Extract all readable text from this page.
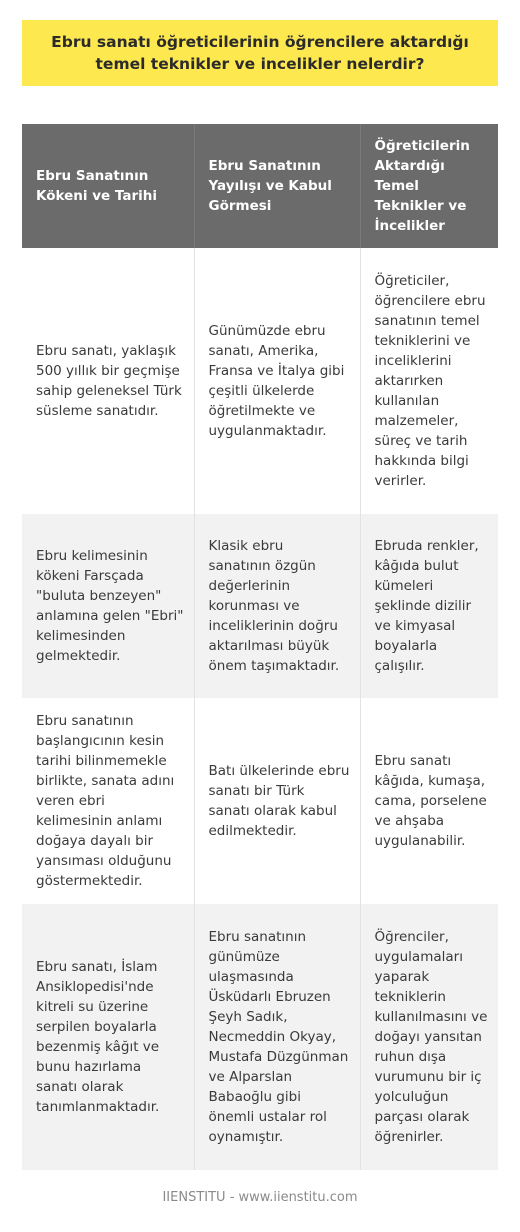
Ebru sanatı öğreticilerinin öğrencilere aktardığı temel teknikler ve incelikler nelerdir?
Ebru Sanatının Kökeni ve Tarihi	Ebru Sanatının Yayılışı ve Kabul Görmesi	Öğreticilerin Aktardığı Temel Teknikler ve İncelikler
Ebru sanatı, yaklaşık 500 yıllık bir geçmişe sahip geleneksel Türk süsleme sanatıdır.	Günümüzde ebru sanatı, Amerika, Fransa ve İtalya gibi çeşitli ülkelerde öğretilmekte ve uygulanmaktadır.	Öğreticiler, öğrencilere ebru sanatının temel tekniklerini ve inceliklerini aktarırken kullanılan malzemeler, süreç ve tarih hakkında bilgi verirler.
Ebru kelimesinin kökeni Farsçada "buluta benzeyen" anlamına gelen "Ebri" kelimesinden gelmektedir.	Klasik ebru sanatının özgün değerlerinin korunması ve inceliklerinin doğru aktarılması büyük önem taşımaktadır.	Ebruda renkler, kâğıda bulut kümeleri şeklinde dizilir ve kimyasal boyalarla çalışılır.
Ebru sanatının başlangıcının kesin tarihi bilinmemekle birlikte, sanata adını veren ebri kelimesinin anlamı doğaya dayalı bir yansıması olduğunu göstermektedir.	Batı ülkelerinde ebru sanatı bir Türk sanatı olarak kabul edilmektedir.	Ebru sanatı kâğıda, kumaşa, cama, porselene ve ahşaba uygulanabilir.
Ebru sanatı, İslam Ansiklopedisi'nde kitreli su üzerine serpilen boyalarla bezenmiş kâğıt ve bunu hazırlama sanatı olarak tanımlanmaktadır.	Ebru sanatının günümüze ulaşmasında Üsküdarlı Ebruzen Şeyh Sadık, Necmeddin Okyay, Mustafa Düzgünman ve Alparslan Babaoğlu gibi önemli ustalar rol oynamıştır.	Öğrenciler, uygulamaları yaparak tekniklerin kullanılmasını ve doğayı yansıtan ruhun dışa vurumunu bir iç yolculuğun parçası olarak öğrenirler.
IIENSTITU - www.iienstitu.com
